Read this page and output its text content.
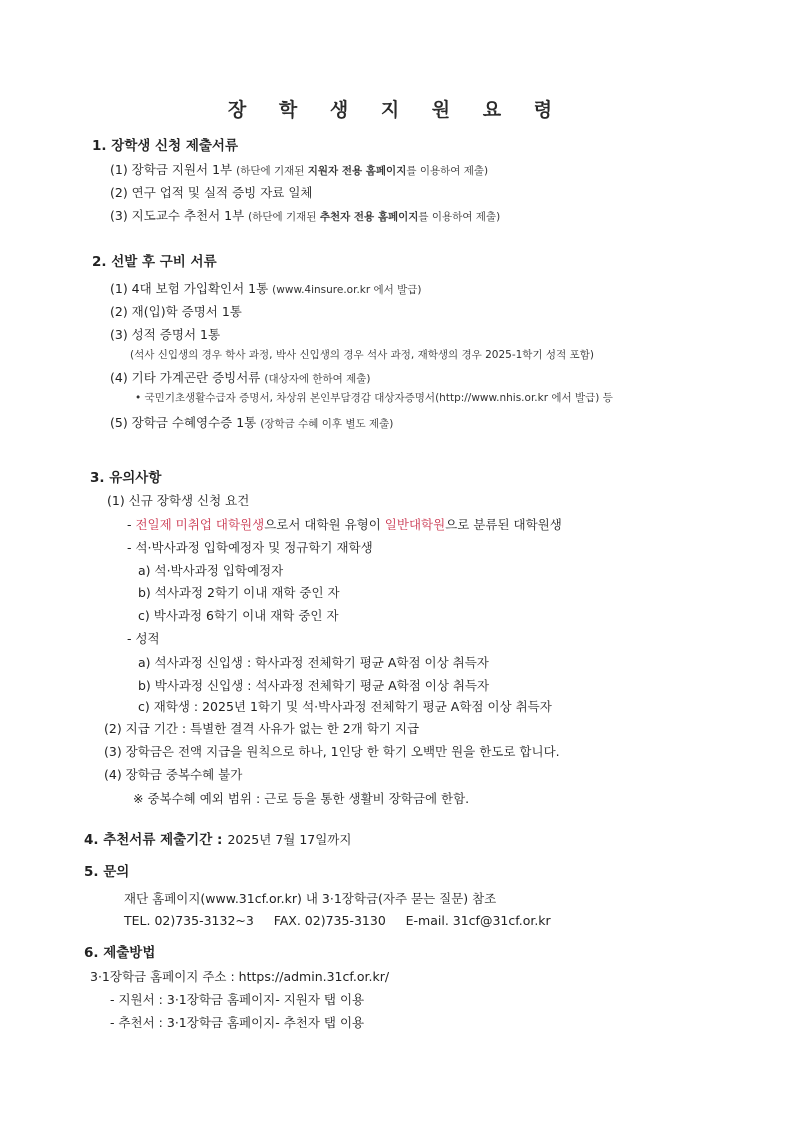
장 학 생 지 원 요 령
1. 장학생 신청 제출서류
(1) 장학금 지원서 1부 (하단에 기재된 지원자 전용 홈페이지를 이용하여 제출)
(2) 연구 업적 및 실적 증빙 자료 일체
(3) 지도교수 추천서 1부 (하단에 기재된 추천자 전용 홈페이지를 이용하여 제출)
2. 선발 후 구비 서류
(1) 4대 보험 가입확인서 1통 (www.4insure.or.kr 에서 발급)
(2) 재(입)학 증명서 1통
(3) 성적 증명서 1통
(석사 신입생의 경우 학사 과정, 박사 신입생의 경우 석사 과정, 재학생의 경우 2025-1학기 성적 포함)
(4) 기타 가계곤란 증빙서류 (대상자에 한하여 제출)
• 국민기초생활수급자 증명서, 차상위 본인부담경감 대상자증명서(http://www.nhis.or.kr 에서 발급) 등
(5) 장학금 수혜영수증 1통 (장학금 수혜 이후 별도 제출)
3. 유의사항
(1) 신규 장학생 신청 요건
- 전일제 미취업 대학원생으로서 대학원 유형이 일반대학원으로 분류된 대학원생
- 석·박사과정 입학예정자 및 정규학기 재학생
a) 석·박사과정 입학예정자
b) 석사과정 2학기 이내 재학 중인 자
c) 박사과정 6학기 이내 재학 중인 자
- 성적
a) 석사과정 신입생 : 학사과정 전체학기 평균 A학점 이상 취득자
b) 박사과정 신입생 : 석사과정 전체학기 평균 A학점 이상 취득자
c) 재학생 : 2025년 1학기 및 석·박사과정 전체학기 평균 A학점 이상 취득자
(2) 지급 기간 : 특별한 결격 사유가 없는 한 2개 학기 지급
(3) 장학금은 전액 지급을 원칙으로 하나, 1인당 한 학기 오백만 원을 한도로 합니다.
(4) 장학금 중복수혜 불가
※ 중복수혜 예외 범위 : 근로 등을 통한 생활비 장학금에 한함.
4. 추천서류 제출기간 : 2025년 7월 17일까지
5. 문의
재단 홈페이지(www.31cf.or.kr) 내 3·1장학금(자주 묻는 질문) 참조
TEL. 02)735-3132~3     FAX. 02)735-3130     E-mail. 31cf@31cf.or.kr
6. 제출방법
3·1장학금 홈페이지 주소 : https://admin.31cf.or.kr/
- 지원서 : 3·1장학금 홈페이지- 지원자 탭 이용
- 추천서 : 3·1장학금 홈페이지- 추천자 탭 이용
